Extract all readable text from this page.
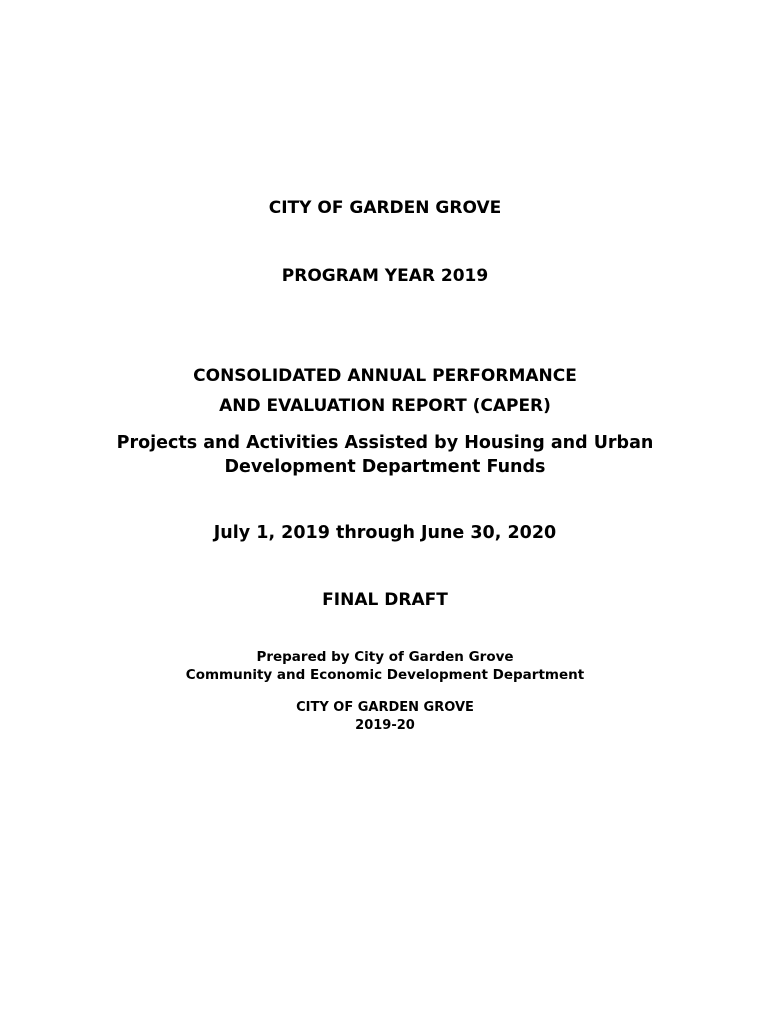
CITY OF GARDEN GROVE
PROGRAM YEAR 2019
CONSOLIDATED ANNUAL PERFORMANCE
AND EVALUATION REPORT (CAPER)
Projects and Activities Assisted by Housing and Urban
Development Department Funds
July 1, 2019 through June 30, 2020
FINAL DRAFT
Prepared by City of Garden Grove
Community and Economic Development Department
CITY OF GARDEN GROVE
2019-20
